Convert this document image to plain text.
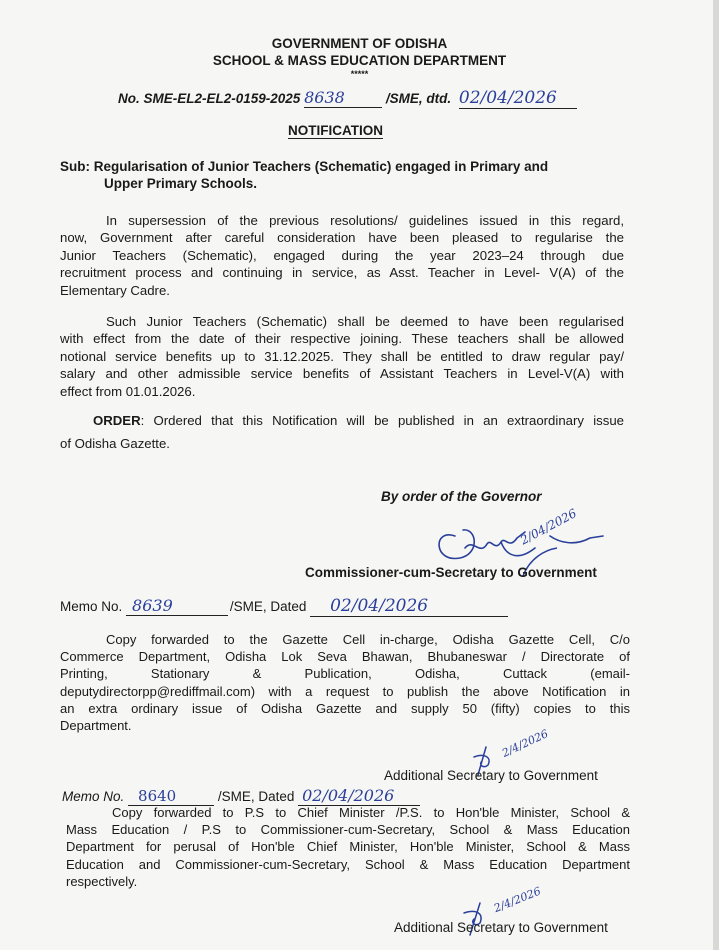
GOVERNMENT OF ODISHA
SCHOOL & MASS EDUCATION DEPARTMENT
*****
No. SME-EL2-EL2-0159-2025 8638	/SME, dtd. 02/04/2026
NOTIFICATION
Sub: Regularisation of Junior Teachers (Schematic) engaged in Primary and
Upper Primary Schools.
In supersession of the previous resolutions/ guidelines issued in this regard,
now, Government after careful consideration have been pleased to regularise the
Junior Teachers (Schematic), engaged during the year 2023–24 through due
recruitment process and continuing in service, as Asst. Teacher in Level- V(A) of the
Elementary Cadre.
Such Junior Teachers (Schematic) shall be deemed to have been regularised
with effect from the date of their respective joining. These teachers shall be allowed
notional service benefits up to 31.12.2025. They shall be entitled to draw regular pay/
salary and other admissible service benefits of Assistant Teachers in Level-V(A) with
effect from 01.01.2026.
ORDER: Ordered that this Notification will be published in an extraordinary issue
of Odisha Gazette.
By order of the Governor
2/04/2026
Commissioner-cum-Secretary to Government
Memo No. 8639	/SME, Dated 02/04/2026
Copy forwarded to the Gazette Cell in-charge, Odisha Gazette Cell, C/o
Commerce Department, Odisha Lok Seva Bhawan, Bhubaneswar / Directorate of
Printing,        Stationary        &        Publication,        Odisha,        Cuttack        (email-
deputydirectorpp@rediffmail.com) with a request to publish the above Notification in
an extra ordinary issue of Odisha Gazette and supply 50 (fifty) copies to this
Department.
2/4/2026
Additional Secretary to Government
Memo No. 8640	/SME, Dated 02/04/2026
Copy forwarded to P.S to Chief Minister /P.S. to Hon'ble Minister, School &
Mass Education / P.S to Commissioner-cum-Secretary, School & Mass Education
Department for perusal of Hon'ble Chief Minister, Hon'ble Minister, School & Mass
Education and Commissioner-cum-Secretary, School & Mass Education Department
respectively.
2/4/2026
Additional Secretary to Government
